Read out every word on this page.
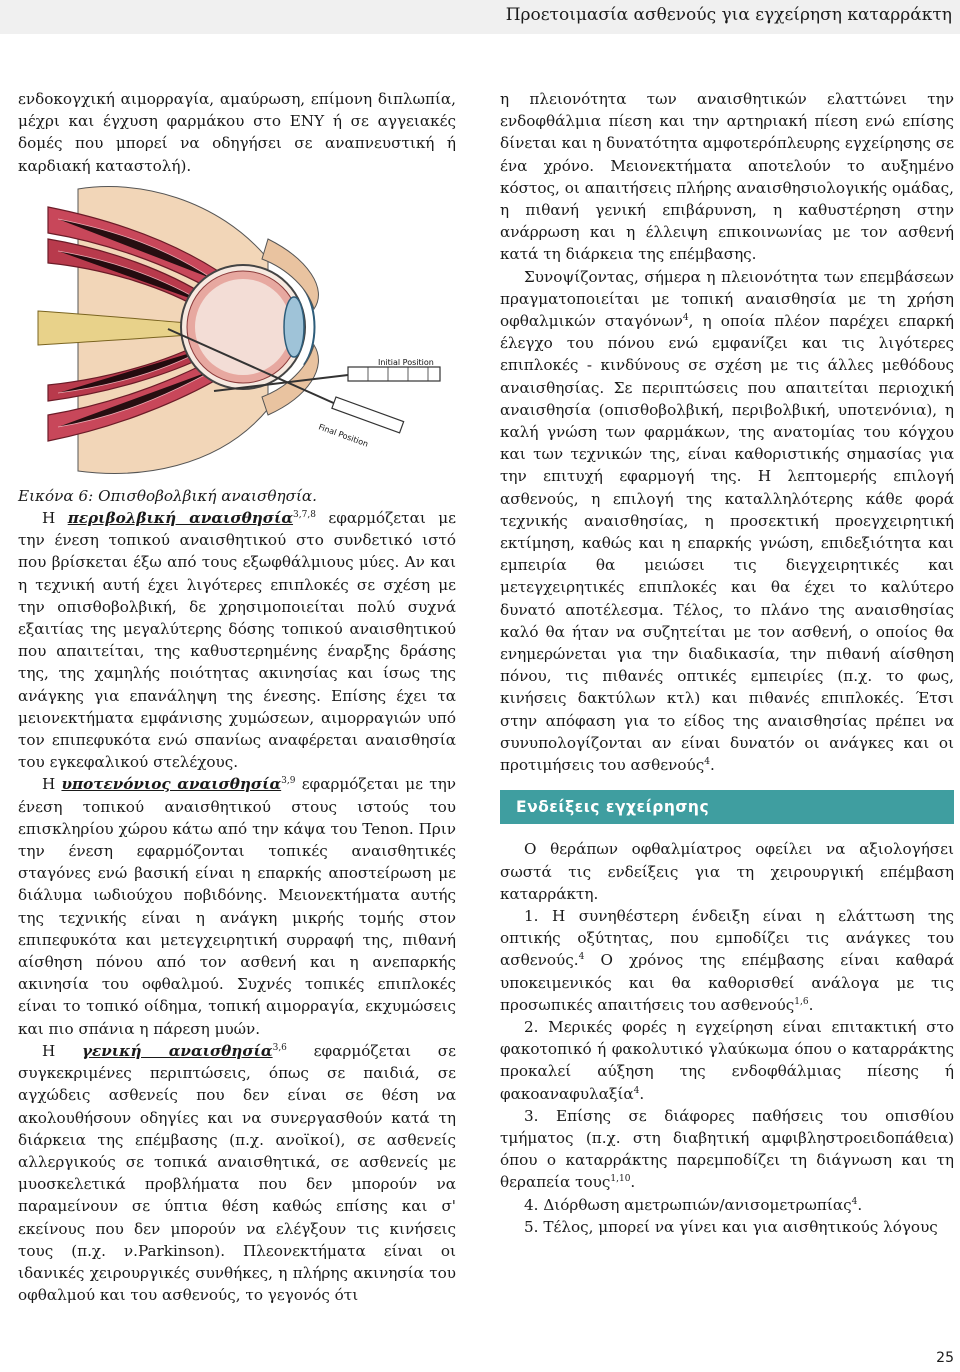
Προετοιμασία ασθενούς για εγχείρηση καταρράκτη

ενδοκογχική αιμορραγία, αμαύρωση, επίμονη διπλωπία, μέχρι και έγχυση φαρμάκου στο ΕΝΥ ή σε αγγειακές δομές που μπορεί να οδηγήσει σε αναπνευστική ή καρδιακή καταστολή).

Initial Position
Final Position

Εικόνα 6: Οπισθοβολβική αναισθησία.

Η περιβολβική αναισθησία$^{3,7,8}$ εφαρμόζεται με την ένεση τοπικού αναισθητικού στο συνδετικό ιστό που βρίσκεται έξω από τους εξωφθάλμιους μύες. Αν και η τεχνική αυτή έχει λιγότερες επιπλοκές σε σχέση με την οπισθοβολβική, δε χρησιμοποιείται πολύ συχνά εξαιτίας της μεγαλύτερης δόσης τοπικού αναισθητικού που απαιτείται, της καθυστερημένης έναρξης δράσης της, της χαμηλής ποιότητας ακινησίας και ίσως της ανάγκης για επανάληψη της ένεσης. Επίσης έχει τα μειονεκτήματα εμφάνισης χυμώσεων, αιμορραγιών υπό τον επιπεφυκότα ενώ σπανίως αναφέρεται αναισθησία του εγκεφαλικού στελέχους.

Η υποτενόνιος αναισθησία$^{3,9}$ εφαρμόζεται με την ένεση τοπικού αναισθητικού στους ιστούς του επισκληρίου χώρου κάτω από την κάψα του Tenon. Πριν την ένεση εφαρμόζονται τοπικές αναισθητικές σταγόνες ενώ βασική είναι η επαρκής αποστείρωση με διάλυμα ιωδιούχου ποβιδόνης. Μειονεκτήματα αυτής της τεχνικής είναι η ανάγκη μικρής τομής στον επιπεφυκότα και μετεγχειρητική συρραφή της, πιθανή αίσθηση πόνου από τον ασθενή και η ανεπαρκής ακινησία του οφθαλμού. Συχνές τοπικές επιπλοκές είναι το τοπικό οίδημα, τοπική αιμορραγία, εκχυμώσεις και πιο σπάνια η πάρεση μυών.

Η γενική αναισθησία$^{3,6}$ εφαρμόζεται σε συγκεκριμένες περιπτώσεις, όπως σε παιδιά, σε αγχώδεις ασθενείς που δεν είναι σε θέση να ακολουθήσουν οδηγίες και να συνεργασθούν κατά τη διάρκεια της επέμβασης (π.χ. ανοϊκοί), σε ασθενείς αλλεργικούς σε τοπικά αναισθητικά, σε ασθενείς με μυοσκελετικά προβλήματα που δεν μπορούν να παραμείνουν σε ύπτια θέση καθώς επίσης και σ' εκείνους που δεν μπορούν να ελέγξουν τις κινήσεις τους (π.χ. ν.Parkinson). Πλεονεκτήματα είναι οι ιδανικές χειρουργικές συνθήκες, η πλήρης ακινησία του οφθαλμού και του ασθενούς, το γεγονός ότι

η πλειονότητα των αναισθητικών ελαττώνει την ενδοφθάλμια πίεση και την αρτηριακή πίεση ενώ επίσης δίνεται και η δυνατότητα αμφοτερόπλευρης εγχείρησης σε ένα χρόνο. Μειονεκτήματα αποτελούν το αυξημένο κόστος, οι απαιτήσεις πλήρης αναισθησιολογικής ομάδας, η πιθανή γενική επιβάρυνση, η καθυστέρηση στην ανάρρωση και η έλλειψη επικοινωνίας με τον ασθενή κατά τη διάρκεια της επέμβασης.

Συνοψίζοντας, σήμερα η πλειονότητα των επεμβάσεων πραγματοποιείται με τοπική αναισθησία με τη χρήση οφθαλμικών σταγόνων$^4$, η οποία πλέον παρέχει επαρκή έλεγχο του πόνου ενώ εμφανίζει και τις λιγότερες επιπλοκές - κινδύνους σε σχέση με τις άλλες μεθόδους αναισθησίας. Σε περιπτώσεις που απαιτείται περιοχική αναισθησία (οπισθοβολβική, περιβολβική, υποτενόνια), η καλή γνώση των φαρμάκων, της ανατομίας του κόγχου και των τεχνικών της, είναι καθοριστικής σημασίας για την επιτυχή εφαρμογή της. Η λεπτομερής επιλογή ασθενούς, η επιλογή της καταλληλότερης κάθε φορά τεχνικής αναισθησίας, η προσεκτική προεγχειρητική εκτίμηση, καθώς και η επαρκής γνώση, επιδεξιότητα και εμπειρία θα μειώσει τις διεγχειρητικές και μετεγχειρητικές επιπλοκές και θα έχει το καλύτερο δυνατό αποτέλεσμα. Τέλος, το πλάνο της αναισθησίας καλό θα ήταν να συζητείται με τον ασθενή, ο οποίος θα ενημερώνεται για την διαδικασία, την πιθανή αίσθηση πόνου, τις πιθανές οπτικές εμπειρίες (π.χ. το φως, κινήσεις δακτύλων κτλ) και πιθανές επιπλοκές. Έτσι στην απόφαση για το είδος της αναισθησίας πρέπει να συνυπολογίζονται αν είναι δυνατόν οι ανάγκες και οι προτιμήσεις του ασθενούς$^4$.

Ενδείξεις εγχείρησης

Ο θεράπων οφθαλμίατρος οφείλει να αξιολογήσει σωστά τις ενδείξεις για τη χειρουργική επέμβαση καταρράκτη.

1. Η συνηθέστερη ένδειξη είναι η ελάττωση της οπτικής οξύτητας, που εμποδίζει τις ανάγκες του ασθενούς.$^4$ Ο χρόνος της επέμβασης είναι καθαρά υποκειμενικός και θα καθορισθεί ανάλογα με τις προσωπικές απαιτήσεις του ασθενούς$^{1,6}$.

2. Μερικές φορές η εγχείρηση είναι επιτακτική στο φακοτοπικό ή φακολυτικό γλαύκωμα όπου ο καταρράκτης προκαλεί αύξηση της ενδοφθάλμιας πίεσης ή φακοαναφυλαξία$^4$.

3. Επίσης σε διάφορες παθήσεις του οπισθίου τμήματος (π.χ. στη διαβητική αμφιβληστροειδοπάθεια) όπου ο καταρράκτης παρεμποδίζει τη διάγνωση και τη θεραπεία τους$^{1,10}$.

4. Διόρθωση αμετρωπιών/ανισομετρωπίας$^4$.

5. Τέλος, μπορεί να γίνει και για αισθητικούς λόγους

25
